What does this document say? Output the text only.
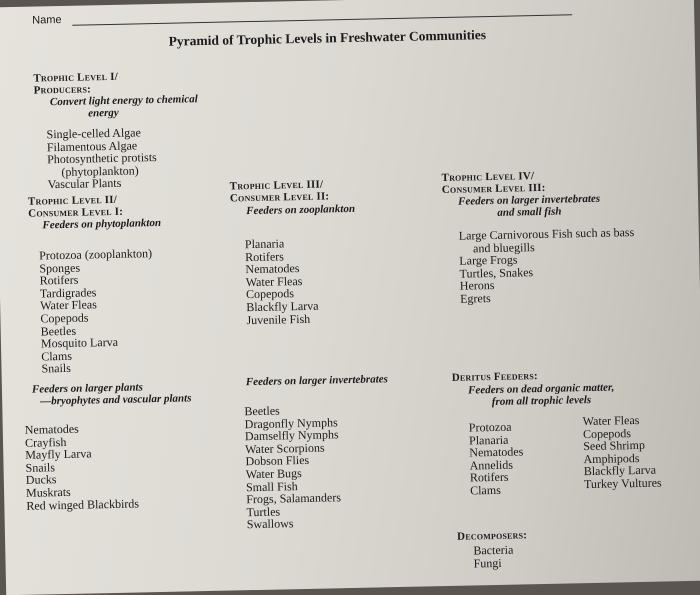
Name
Pyramid of Trophic Levels in Freshwater Communities
Trophic Level I/
Producers:
Convert light energy to chemical
energy
Single-celled Algae
Filamentous Algae
Photosynthetic protists
(phytoplankton)
Vascular Plants
Trophic Level II/
Consumer Level I:
Feeders on phytoplankton
Protozoa (zooplankton)
Sponges
Rotifers
Tardigrades
Water Fleas
Copepods
Beetles
Mosquito Larva
Clams
Snails
Feeders on larger plants
—bryophytes and vascular plants
Nematodes
Crayfish
Mayfly Larva
Snails
Ducks
Muskrats
Red winged Blackbirds
Trophic Level III/
Consumer Level II:
Feeders on zooplankton
Planaria
Rotifers
Nematodes
Water Fleas
Copepods
Blackfly Larva
Juvenile Fish
Feeders on larger invertebrates
Beetles
Dragonfly Nymphs
Damselfly Nymphs
Water Scorpions
Dobson Flies
Water Bugs
Small Fish
Frogs, Salamanders
Turtles
Swallows
Trophic Level IV/
Consumer Level III:
Feeders on larger invertebrates
and small fish
Large Carnivorous Fish such as bass
and bluegills
Large Frogs
Turtles, Snakes
Herons
Egrets
Deritus Feeders:
Feeders on dead organic matter,
from all trophic levels
Protozoa
Planaria
Nematodes
Annelids
Rotifers
Clams
Water Fleas
Copepods
Seed Shrimp
Amphipods
Blackfly Larva
Turkey Vultures
Decomposers:
Bacteria
Fungi
